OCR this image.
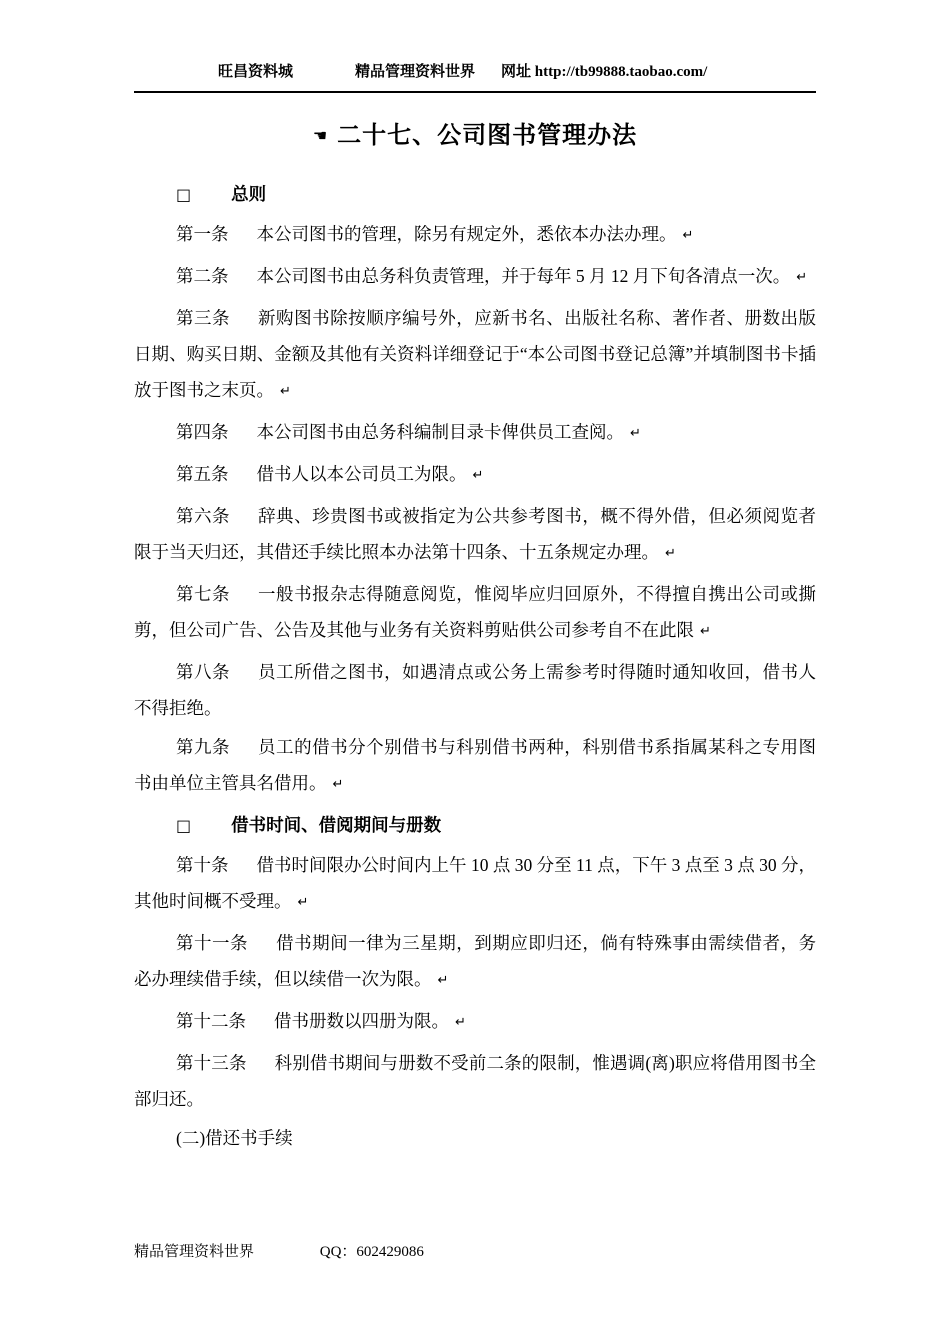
旺昌资料城	精品管理资料世界 网址 http://tb99888.taobao.com/
☚ 二十七、公司图书管理办法

□ 总则

第一条 本公司图书的管理，除另有规定外，悉依本办法办理。 ↵

第二条 本公司图书由总务科负责管理，并于每年 5 月 12 月下旬各清点一次。 ↵

第三条 新购图书除按顺序编号外，应新书名、出版社名称、著作者、册数出版日期、购买日期、金额及其他有关资料详细登记于“本公司图书登记总簿”并填制图书卡插放于图书之末页。 ↵

第四条 本公司图书由总务科编制目录卡俾供员工查阅。 ↵

第五条 借书人以本公司员工为限。 ↵

第六条 辞典、珍贵图书或被指定为公共参考图书，概不得外借，但必须阅览者限于当天归还，其借还手续比照本办法第十四条、十五条规定办理。 ↵

第七条 一般书报杂志得随意阅览，惟阅毕应归回原外，不得擅自携出公司或撕剪，但公司广告、公告及其他与业务有关资料剪贴供公司参考自不在此限 ↵

第八条 员工所借之图书，如遇清点或公务上需参考时得随时通知收回，借书人不得拒绝。

第九条 员工的借书分个别借书与科别借书两种，科别借书系指属某科之专用图书由单位主管具名借用。 ↵

□ 借书时间、借阅期间与册数

第十条 借书时间限办公时间内上午 10 点 30 分至 11 点，下午 3 点至 3 点 30 分，其他时间概不受理。 ↵

第十一条 借书期间一律为三星期，到期应即归还，倘有特殊事由需续借者，务必办理续借手续，但以续借一次为限。 ↵

第十二条 借书册数以四册为限。 ↵

第十三条 科别借书期间与册数不受前二条的限制，惟遇调(离)职应将借用图书全部归还。

(二)借还书手续

精品管理资料世界	QQ：602429086
